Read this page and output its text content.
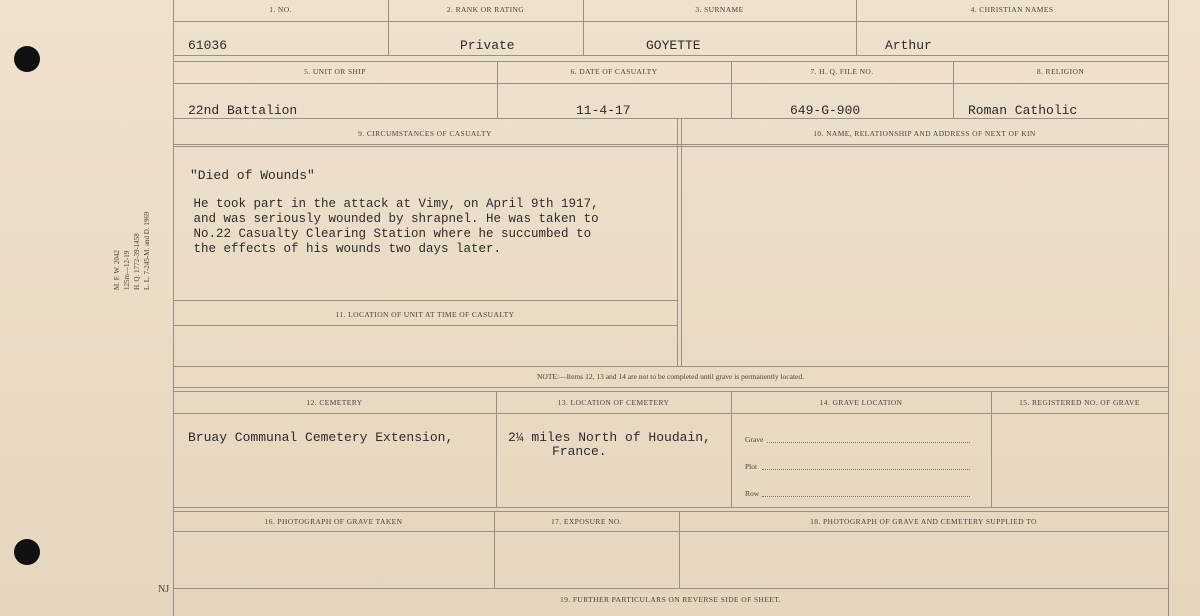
M. F. W. 2042 125m—12-19 H. Q. 1772-39-1458 L. L. 7-245-M. and D. 1969
1. NO.	2. RANK OR RATING	3. SURNAME	4. CHRISTIAN NAMES
61036	Private	GOYETTE	Arthur
5. UNIT OR SHIP	6. DATE OF CASUALTY	7. H. Q. FILE NO.	8. RELIGION
22nd Battalion	11-4-17	649-G-900	Roman Catholic
9. CIRCUMSTANCES OF CASUALTY	10. NAME, RELATIONSHIP AND ADDRESS OF NEXT OF KIN
"Died of Wounds"
He took part in the attack at Vimy, on April 9th 1917,
and was seriously wounded by shrapnel. He was taken to
No.22 Casualty Clearing Station where he succumbed to
the effects of his wounds two days later.
11. LOCATION OF UNIT AT TIME OF CASUALTY
NOTE:—Items 12, 13 and 14 are not to be completed until grave is permanently located.
12. CEMETERY	13. LOCATION OF CEMETERY	14. GRAVE LOCATION	15. REGISTERED NO. OF GRAVE
Bruay Communal Cemetery Extension,	2¼ miles North of Houdain,
France.
Grave
Plot
Row
16. PHOTOGRAPH OF GRAVE TAKEN	17. EXPOSURE NO.	18. PHOTOGRAPH OF GRAVE AND CEMETERY SUPPLIED TO
19. FURTHER PARTICULARS ON REVERSE SIDE OF SHEET.
NJ
